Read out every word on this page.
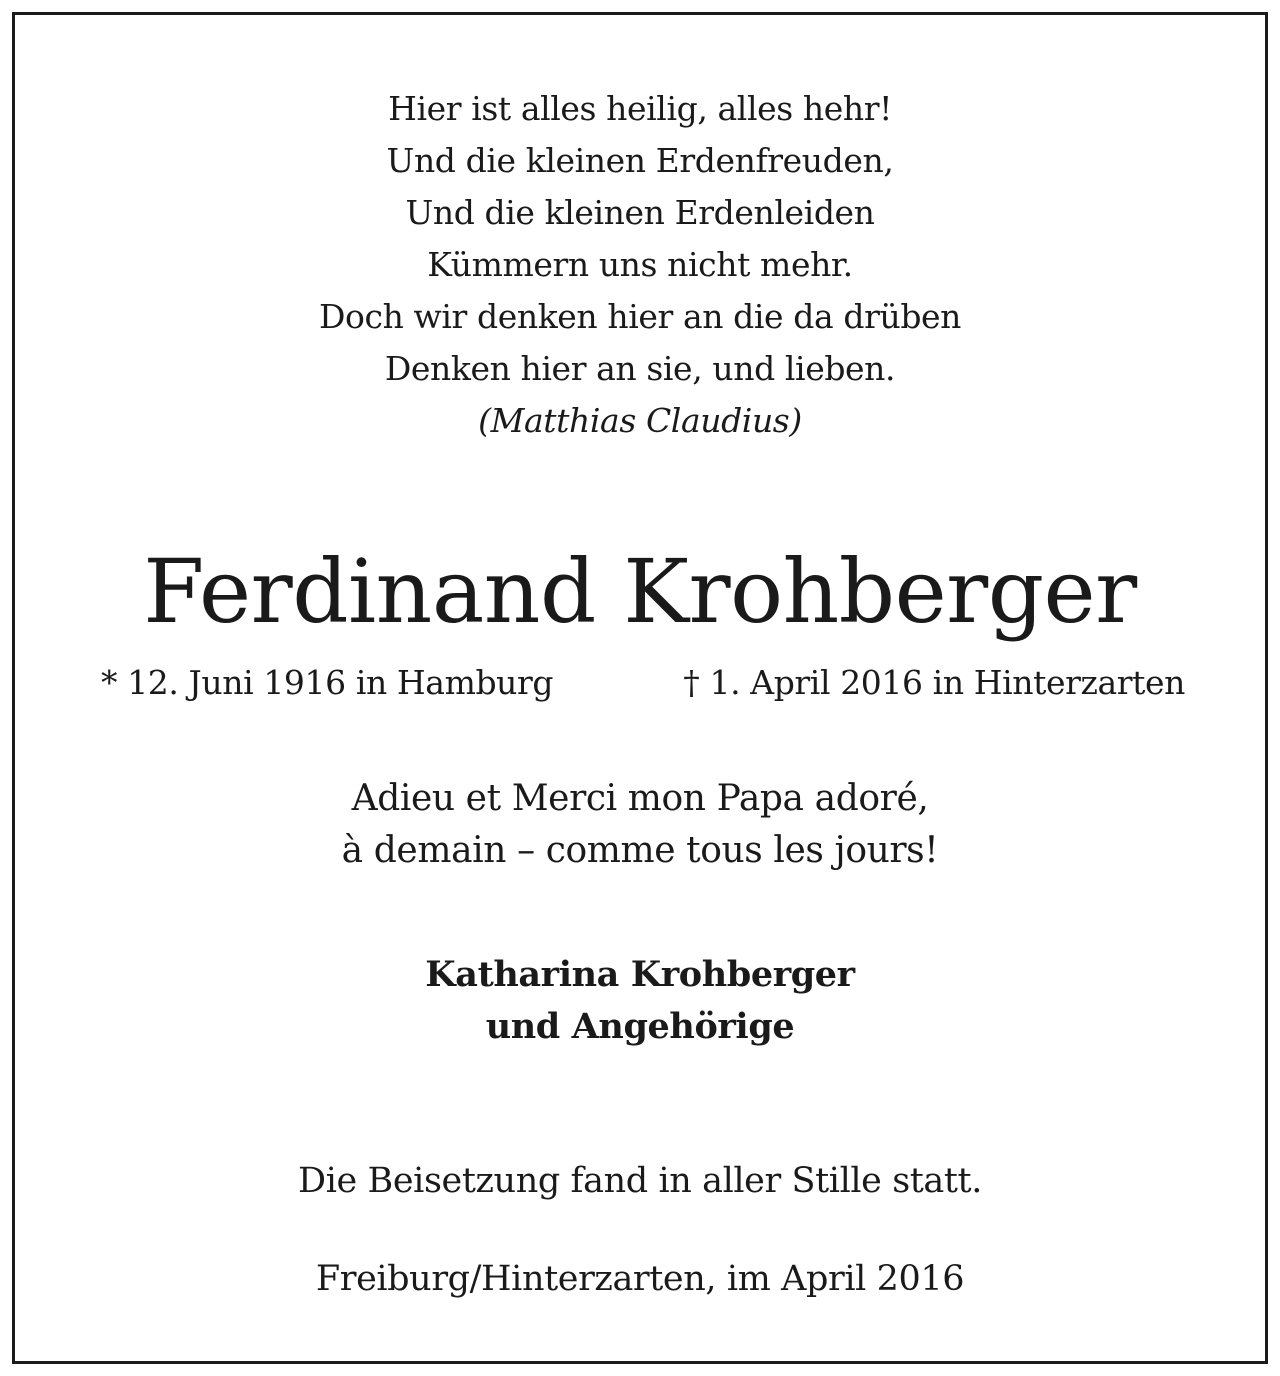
Hier ist alles heilig, alles hehr!
Und die kleinen Erdenfreuden,
Und die kleinen Erdenleiden
Kümmern uns nicht mehr.
Doch wir denken hier an die da drüben
Denken hier an sie, und lieben.
(Matthias Claudius)
Ferdinand Krohberger
* 12. Juni 1916 in Hamburg	† 1. April 2016 in Hinterzarten
Adieu et Merci mon Papa adoré,
à demain – comme tous les jours!
Katharina Krohberger
und Angehörige
Die Beisetzung fand in aller Stille statt.
Freiburg/Hinterzarten, im April 2016
